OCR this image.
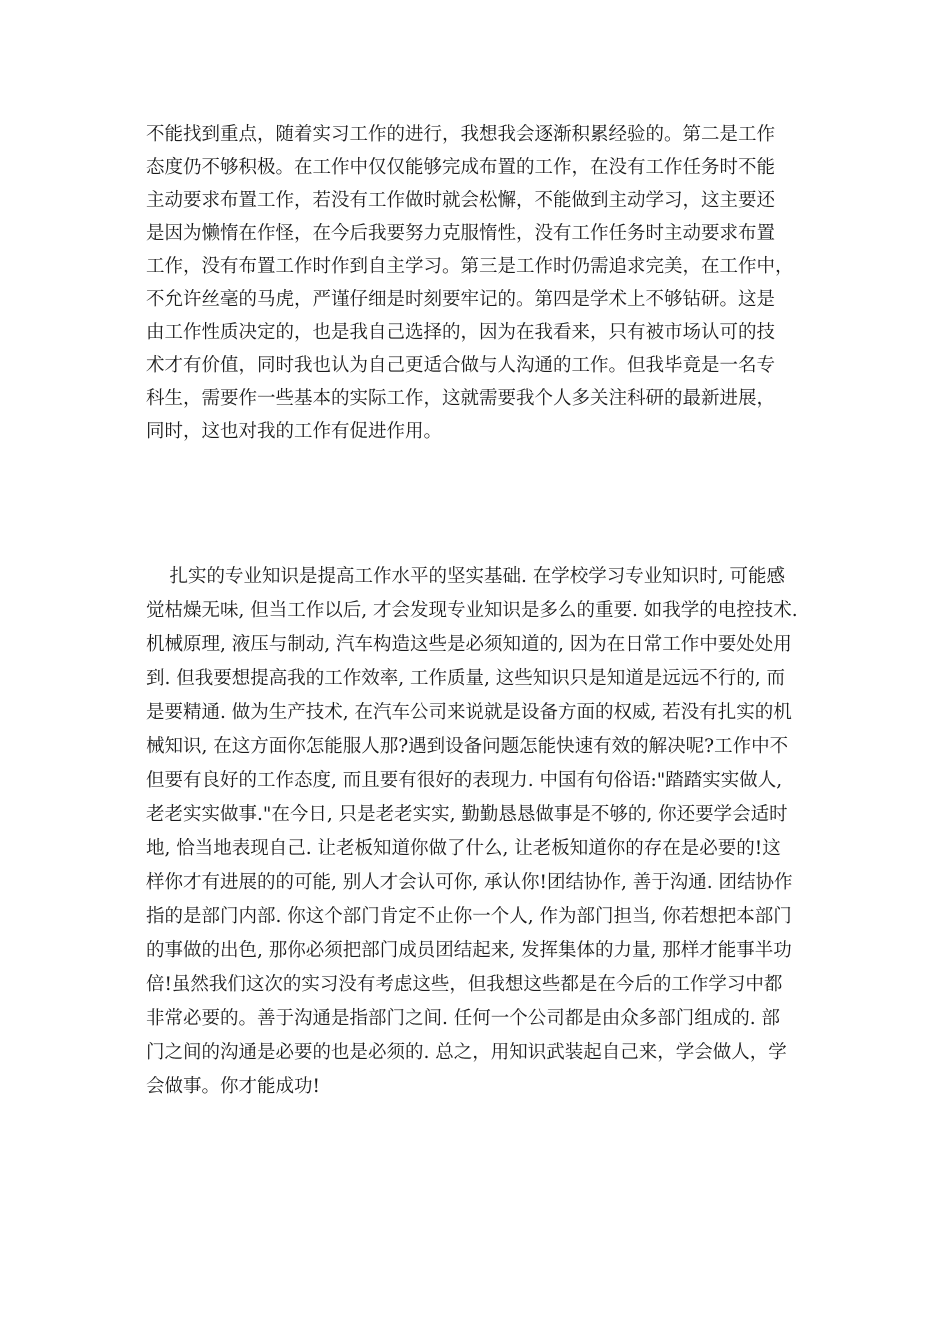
不能找到重点，随着实习工作的进行，我想我会逐渐积累经验的。第二是工作
态度仍不够积极。在工作中仅仅能够完成布置的工作，在没有工作任务时不能
主动要求布置工作，若没有工作做时就会松懈，不能做到主动学习，这主要还
是因为懒惰在作怪，在今后我要努力克服惰性，没有工作任务时主动要求布置
工作，没有布置工作时作到自主学习。第三是工作时仍需追求完美，在工作中，
不允许丝毫的马虎，严谨仔细是时刻要牢记的。第四是学术上不够钻研。这是
由工作性质决定的，也是我自己选择的，因为在我看来，只有被市场认可的技
术才有价值，同时我也认为自己更适合做与人沟通的工作。但我毕竟是一名专
科生，需要作一些基本的实际工作，这就需要我个人多关注科研的最新进展，
同时，这也对我的工作有促进作用。
扎实的专业知识是提高工作水平的坚实基础. 在学校学习专业知识时, 可能感
觉枯燥无味, 但当工作以后, 才会发现专业知识是多么的重要. 如我学的电控技术.
机械原理, 液压与制动, 汽车构造这些是必须知道的, 因为在日常工作中要处处用
到. 但我要想提高我的工作效率, 工作质量, 这些知识只是知道是远远不行的, 而
是要精通. 做为生产技术, 在汽车公司来说就是设备方面的权威, 若没有扎实的机
械知识, 在这方面你怎能服人那?遇到设备问题怎能快速有效的解决呢?工作中不
但要有良好的工作态度, 而且要有很好的表现力. 中国有句俗语:"踏踏实实做人,
老老实实做事."在今日, 只是老老实实, 勤勤恳恳做事是不够的, 你还要学会适时
地, 恰当地表现自己. 让老板知道你做了什么, 让老板知道你的存在是必要的!这
样你才有进展的的可能, 别人才会认可你, 承认你!团结协作, 善于沟通. 团结协作
指的是部门内部. 你这个部门肯定不止你一个人, 作为部门担当, 你若想把本部门
的事做的出色, 那你必须把部门成员团结起来, 发挥集体的力量, 那样才能事半功
倍!虽然我们这次的实习没有考虑这些，但我想这些都是在今后的工作学习中都
非常必要的。善于沟通是指部门之间. 任何一个公司都是由众多部门组成的. 部
门之间的沟通是必要的也是必须的. 总之，用知识武装起自己来，学会做人，学
会做事。你才能成功!
